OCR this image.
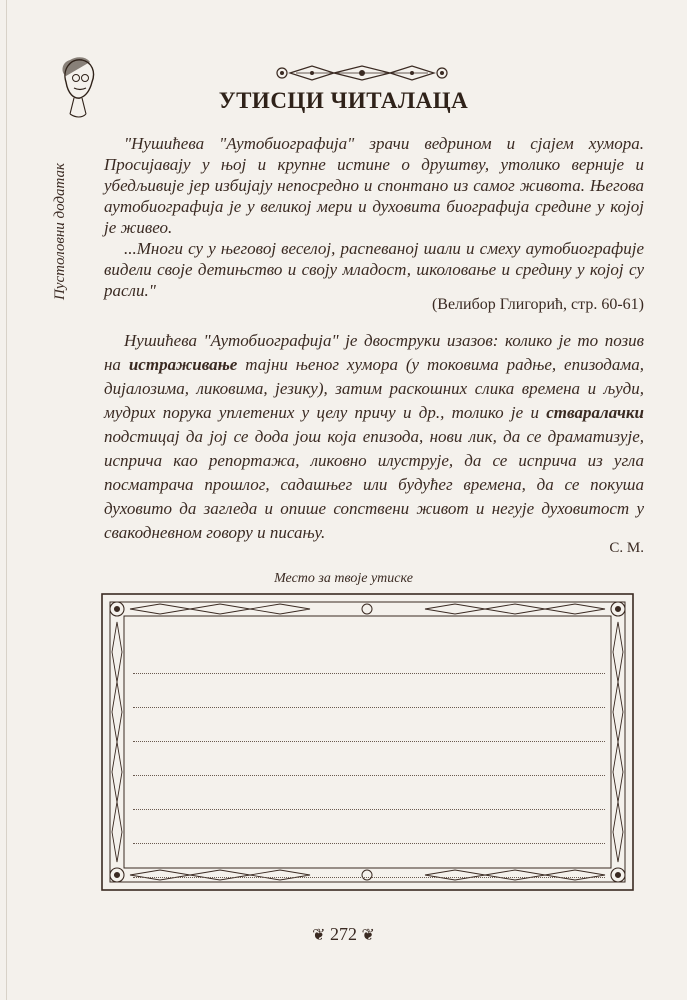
Пустоловни додатак
УТИСЦИ ЧИТАЛАЦА

"Нушићева "Аутобиографија" зрачи ведрином и сјајем хумора. Просијавају у њој и крупне истине о друштву, утолико верније и убедљивије јер избијају непосредно и спонтано из самог живота. Његова аутобиографија је у великој мери и духовита биографија средине у којој је живео.

...Многи су у његовој веселој, распеваној шали и смеху аутобиографије видели своје детињство и своју младост, школовање и средину у којој су расли."

(Велибор Глигорић, стр. 60-61)

Нушићева "Аутобиографија" је двоструки изазов: колико је то позив на истраживање тајни њеног хумора (у токовима радње, епизодама, дијалозима, ликовима, језику), затим раскошних слика времена и људи, мудрих порука уплетених у целу причу и др., толико је и стваралачки подстицај да јој се дода још која епизода, нови лик, да се драматизује, исприча као репортажа, ликовно илуструје, да се исприча из угла посматрача прошлог, садашњег или будућег времена, да се покуша духовито да загледа и опише сопствени живот и негује духовитост у свакодневном говору и писању.

С. М.
Место за твоје утиске
❦ 272 ❦
